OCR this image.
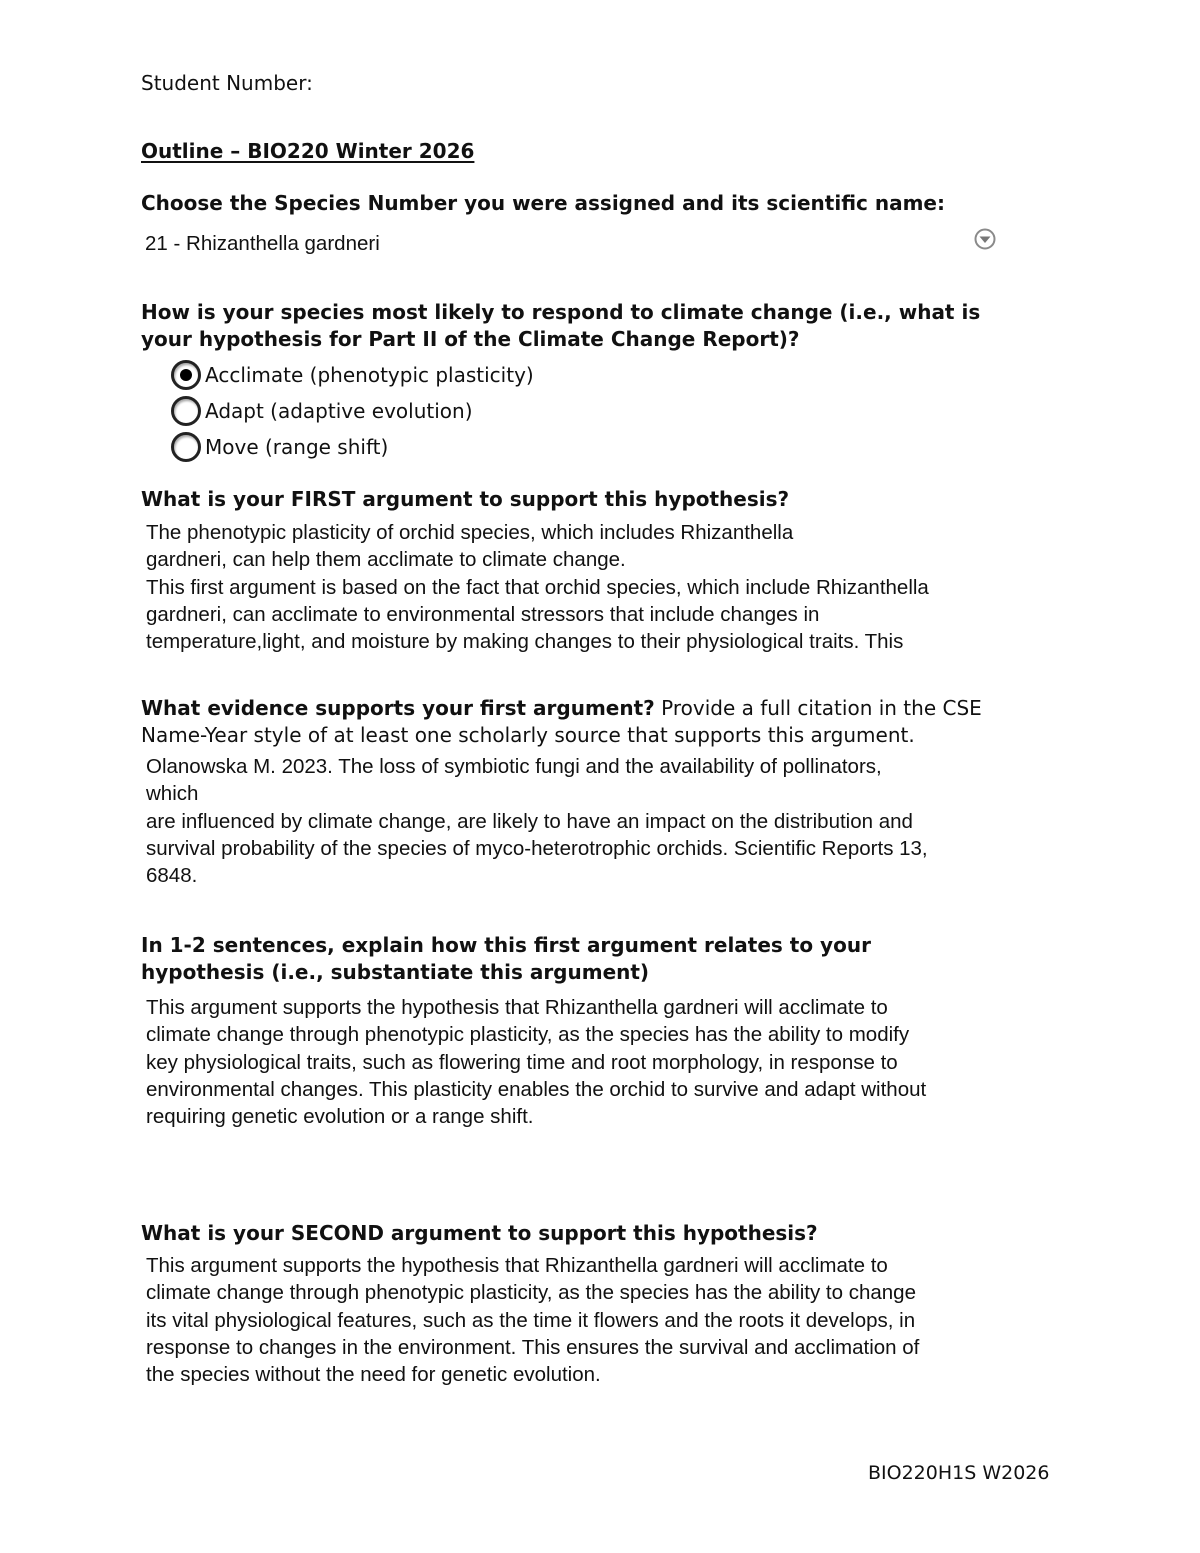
Student Number:
Outline – BIO220 Winter 2026
Choose the Species Number you were assigned and its scientific name:
21 - Rhizanthella gardneri
How is your species most likely to respond to climate change (i.e., what is
your hypothesis for Part II of the Climate Change Report)?
Acclimate (phenotypic plasticity)
Adapt (adaptive evolution)
Move (range shift)
What is your FIRST argument to support this hypothesis?
The phenotypic plasticity of orchid species, which includes Rhizanthella
gardneri, can help them acclimate to climate change.
This first argument is based on the fact that orchid species, which include Rhizanthella
gardneri, can acclimate to environmental stressors that include changes in
temperature,light, and moisture by making changes to their physiological traits. This
What evidence supports your first argument? Provide a full citation in the CSE
Name-Year style of at least one scholarly source that supports this argument.
Olanowska M. 2023. The loss of symbiotic fungi and the availability of pollinators,
which
are influenced by climate change, are likely to have an impact on the distribution and
survival probability of the species of myco-heterotrophic orchids. Scientific Reports 13,
6848.
In 1-2 sentences, explain how this first argument relates to your
hypothesis (i.e., substantiate this argument)
This argument supports the hypothesis that Rhizanthella gardneri will acclimate to
climate change through phenotypic plasticity, as the species has the ability to modify
key physiological traits, such as flowering time and root morphology, in response to
environmental changes. This plasticity enables the orchid to survive and adapt without
requiring genetic evolution or a range shift.
What is your SECOND argument to support this hypothesis?
This argument supports the hypothesis that Rhizanthella gardneri will acclimate to
climate change through phenotypic plasticity, as the species has the ability to change
its vital physiological features, such as the time it flowers and the roots it develops, in
response to changes in the environment. This ensures the survival and acclimation of
the species without the need for genetic evolution.
BIO220H1S W2026
